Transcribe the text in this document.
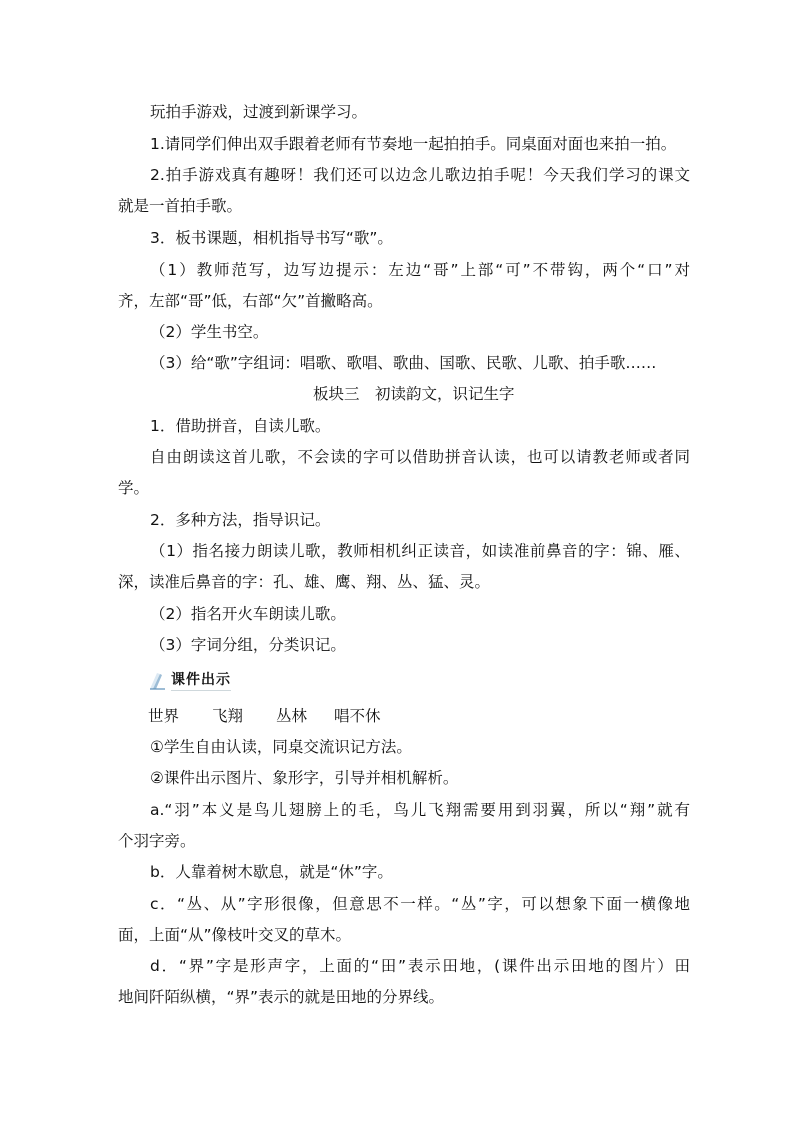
玩拍手游戏，过渡到新课学习。
1.请同学们伸出双手跟着老师有节奏地一起拍拍手。同桌面对面也来拍一拍。
2.拍手游戏真有趣呀！我们还可以边念儿歌边拍手呢！今天我们学习的课文
就是一首拍手歌。
3．板书课题，相机指导书写“歌”。
（1）教师范写，边写边提示：左边“哥”上部“可”不带钩，两个“口”对
齐，左部“哥”低，右部“欠”首撇略高。
（2）学生书空。
（3）给“歌”字组词：唱歌、歌唱、歌曲、国歌、民歌、儿歌、拍手歌……
板块三　初读韵文，识记生字
1．借助拼音，自读儿歌。
自由朗读这首儿歌，不会读的字可以借助拼音认读，也可以请教老师或者同
学。
2．多种方法，指导识记。
（1）指名接力朗读儿歌，教师相机纠正读音，如读准前鼻音的字：锦、雁、
深，读准后鼻音的字：孔、雄、鹰、翔、丛、猛、灵。
（2）指名开火车朗读儿歌。
（3）字词分组，分类识记。
课件出示
世界	飞翔	丛林	唱不休
①学生自由认读，同桌交流识记方法。
②课件出示图片、象形字，引导并相机解析。
a.“羽”本义是鸟儿翅膀上的毛，鸟儿飞翔需要用到羽翼，所以“翔”就有
个羽字旁。
b．人靠着树木歇息，就是“休”字。
c．“丛、从”字形很像，但意思不一样。“丛”字，可以想象下面一横像地
面，上面“从”像枝叶交叉的草木。
d．“界”字是形声字，上面的“田”表示田地，(课件出示田地的图片）田
地间阡陌纵横，“界”表示的就是田地的分界线。
